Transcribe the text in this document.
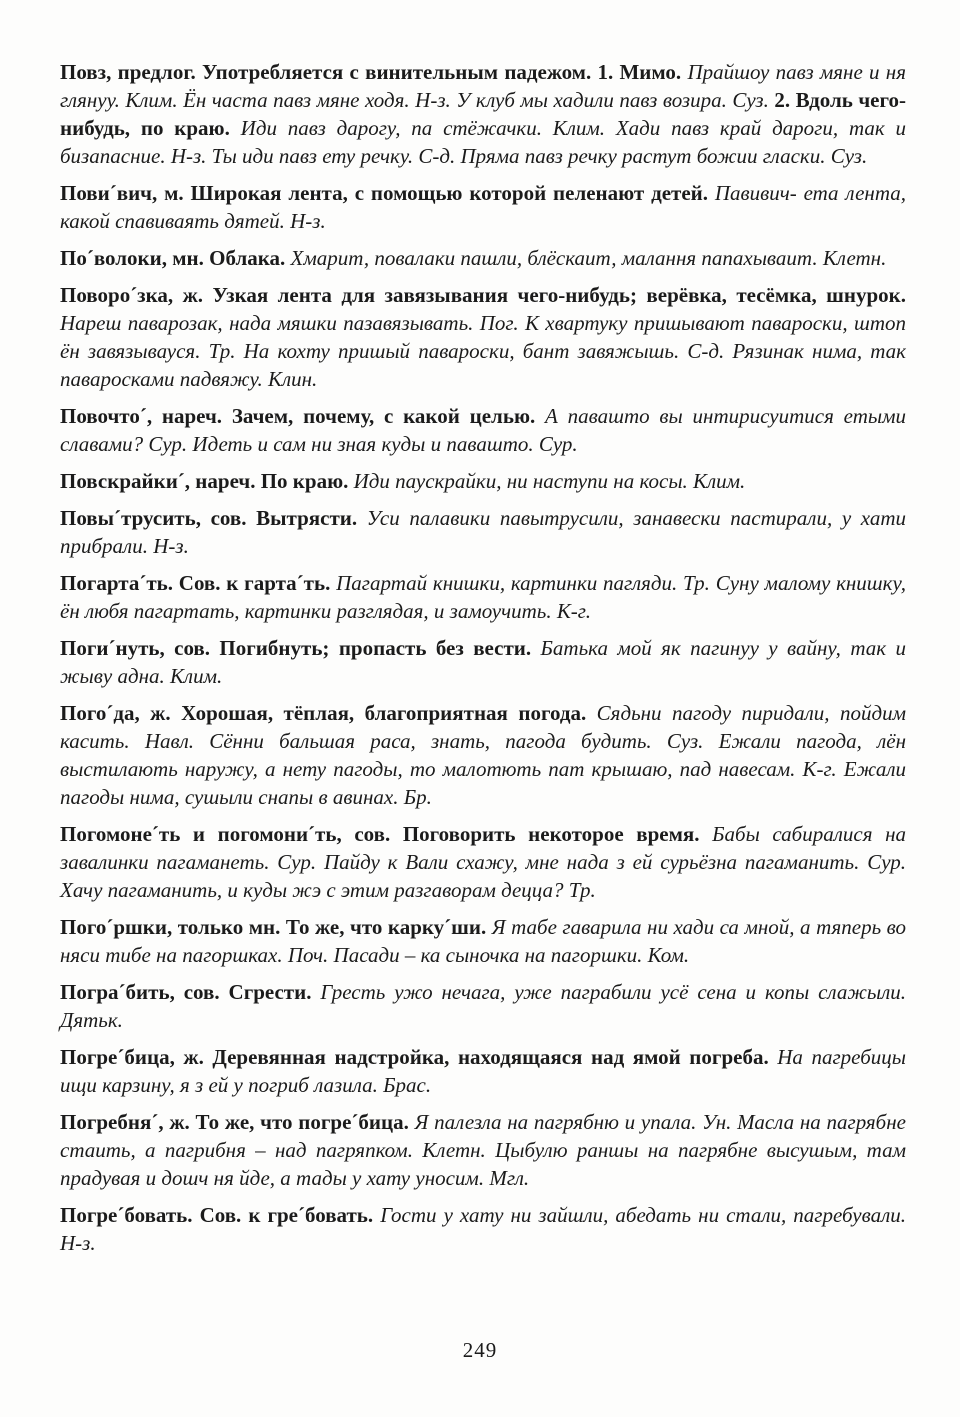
Повз, предлог. Употребляется с винительным падежом. 1. Мимо. Прайшоу павз мяне и ня глянуу. Клим. Ён часта павз мяне ходя. Н-з. У клуб мы хадили павз возира. Суз. 2. Вдоль чего-нибудь, по краю. Иди павз дарогу, па стёжачки. Клим. Хади павз край дароги, так и бизапасние. Н-з. Ты иди павз ету речку. С-д. Пряма павз речку растут божии гласки. Суз.

Пови´вич, м. Широкая лента, с помощью которой пеленают детей. Павивич- ета лента, какой спавиваять дятей. Н-з.

По´волоки, мн. Облака. Хмарит, повалаки пашли, блёскаит, малання папахываит. Клетн.

Поворо´зка, ж. Узкая лента для завязывания чего-нибудь; верёвка, тесёмка, шнурок. Нареш паварозак, нада мяшки пазавязывать. Пог. К хвартуку пришывают павароски, штоп ён завязывауся. Тр. На кохту пришый павароски, бант завяжышь. С-д. Рязинак нима, так паваросками падвяжу. Клин.

Повочто´, нареч. Зачем, почему, с какой целью. А павашто вы интирисуитися етыми славами? Сур. Идеть и сам ни зная куды и павашто. Сур.

Повскрайки´, нареч. По краю. Иди паускрайки, ни наступи на косы. Клим.

Повы´трусить, сов. Вытрясти. Уси палавики павытрусили, занавески пастирали, у хати прибрали. Н-з.

Погарта´ть. Сов. к гарта´ть. Пагартай книшки, картинки пагляди. Тр. Суну малому книшку, ён любя пагартать, картинки разглядая, и замоучить. К-г.

Поги´нуть, сов. Погибнуть; пропасть без вести. Батька мой як пагинуу у вайну, так и жыву адна. Клим.

Пого´да, ж. Хорошая, тёплая, благоприятная погода. Сядьни пагоду пиридали, пойдим касить. Навл. Сённи бальшая раса, знать, пагода будить. Суз. Ежали пагода, лён выстилають наружу, а нету пагоды, то малотють пат крышаю, пад навесам. К-г. Ежали пагоды нима, сушыли снапы в авинах. Бр.

Погомоне´ть и погомони´ть, сов. Поговорить некоторое время. Бабы сабиралися на завалинки пагаманеть. Сур. Пайду к Вали схажу, мне нада з ей сурьёзна пагаманить. Сур. Хачу пагаманить, и куды жэ с этим разгаворам децца? Тр.

Пого´ршки, только мн. То же, что карку´ши. Я табе гаварила ни хади са мной, а тяперь во няси тибе на пагоршках. Поч. Пасади – ка сыночка на пагоршки. Ком.

Погра´бить, сов. Сгрести. Гресть ужо нечага, уже паграбили усё сена и копы слажыли. Дятьк.

Погре´бица, ж. Деревянная надстройка, находящаяся над ямой погреба. На пагребицы ищи карзину, я з ей у погриб лазила. Брас.

Погребня´, ж. То же, что погре´бица. Я палезла на пагрябню и упала. Ун. Масла на пагрябне стаить, а пагрибня – над пагряпком. Клетн. Цыбулю раншы на пагрябне высушым, там прадувая и дошч ня йде, а тады у хату уносим. Мгл.

Погре´бовать. Сов. к гре´бовать. Гости у хату ни зайшли, абедать ни стали, пагребували. Н-з.

249
